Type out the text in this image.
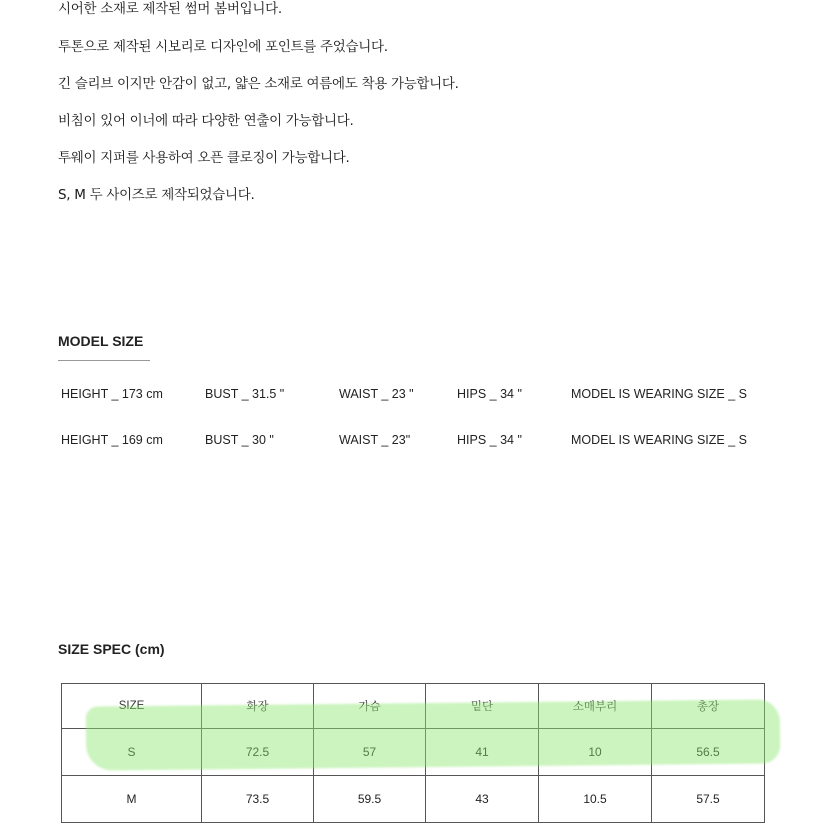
시어한 소재로 제작된 썸머 봄버입니다.
투톤으로 제작된 시보리로 디자인에 포인트를 주었습니다.
긴 슬리브 이지만 안감이 없고, 얇은 소재로 여름에도 착용 가능합니다.
비침이 있어 이너에 따라 다양한 연출이 가능합니다.
투웨이 지퍼를 사용하여 오픈 클로징이 가능합니다.
S, M 두 사이즈로 제작되었습니다.
MODEL SIZE
HEIGHT _ 173 cm	BUST _ 31.5 "	WAIST _ 23 "	HIPS _ 34 "	MODEL IS WEARING SIZE _ S
HEIGHT _ 169 cm	BUST _ 30 "	WAIST _ 23"	HIPS _ 34 "	MODEL IS WEARING SIZE _ S
SIZE SPEC (cm)
SIZE	화장	가슴	밑단	소매부리	총장
S	72.5	57	41	10	56.5
M	73.5	59.5	43	10.5	57.5
